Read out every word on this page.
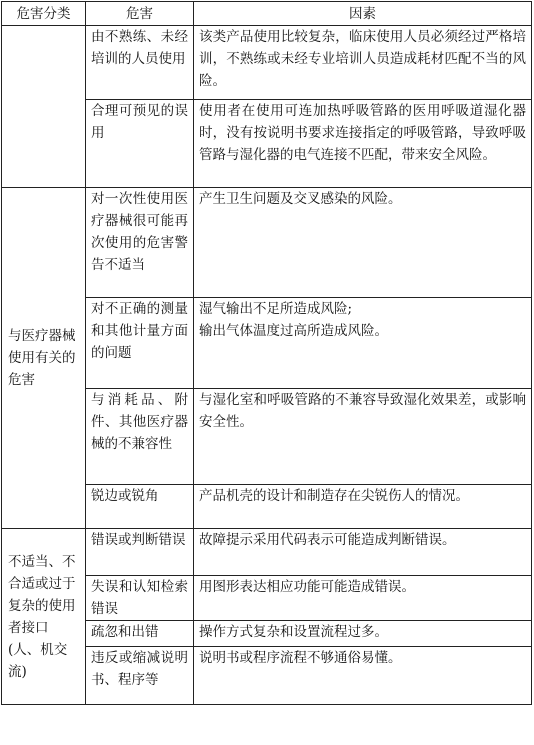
危害分类	危害	因素
	由不熟练、未经培训的人员使用	该类产品使用比较复杂，临床使用人员必须经过严格培训，不熟练或未经专业培训人员造成耗材匹配不当的风险。

	合理可预见的误用	使用者在使用可连加热呼吸管路的医用呼吸道湿化器时，没有按说明书要求连接指定的呼吸管路，导致呼吸管路与湿化器的电气连接不匹配，带来安全风险。

与医疗器械使用有关的危害	对一次性使用医疗器械很可能再次使用的危害警告不适当	产生卫生问题及交叉感染的风险。

	对不正确的测量和其他计量方面的问题	湿气输出不足所造成风险;
输出气体温度过高所造成风险。

	与消耗品、附件、其他医疗器械的不兼容性	与湿化室和呼吸管路的不兼容导致湿化效果差，或影响安全性。

	锐边或锐角	产品机壳的设计和制造存在尖锐伤人的情况。

不适当、不合适或过于复杂的使用者接口(人、机交流)	错误或判断错误	故障提示采用代码表示可能造成判断错误。

	失误和认知检索错误	用图形表达相应功能可能造成错误。

	疏忽和出错	操作方式复杂和设置流程过多。

	违反或缩减说明书、程序等	说明书或程序流程不够通俗易懂。
